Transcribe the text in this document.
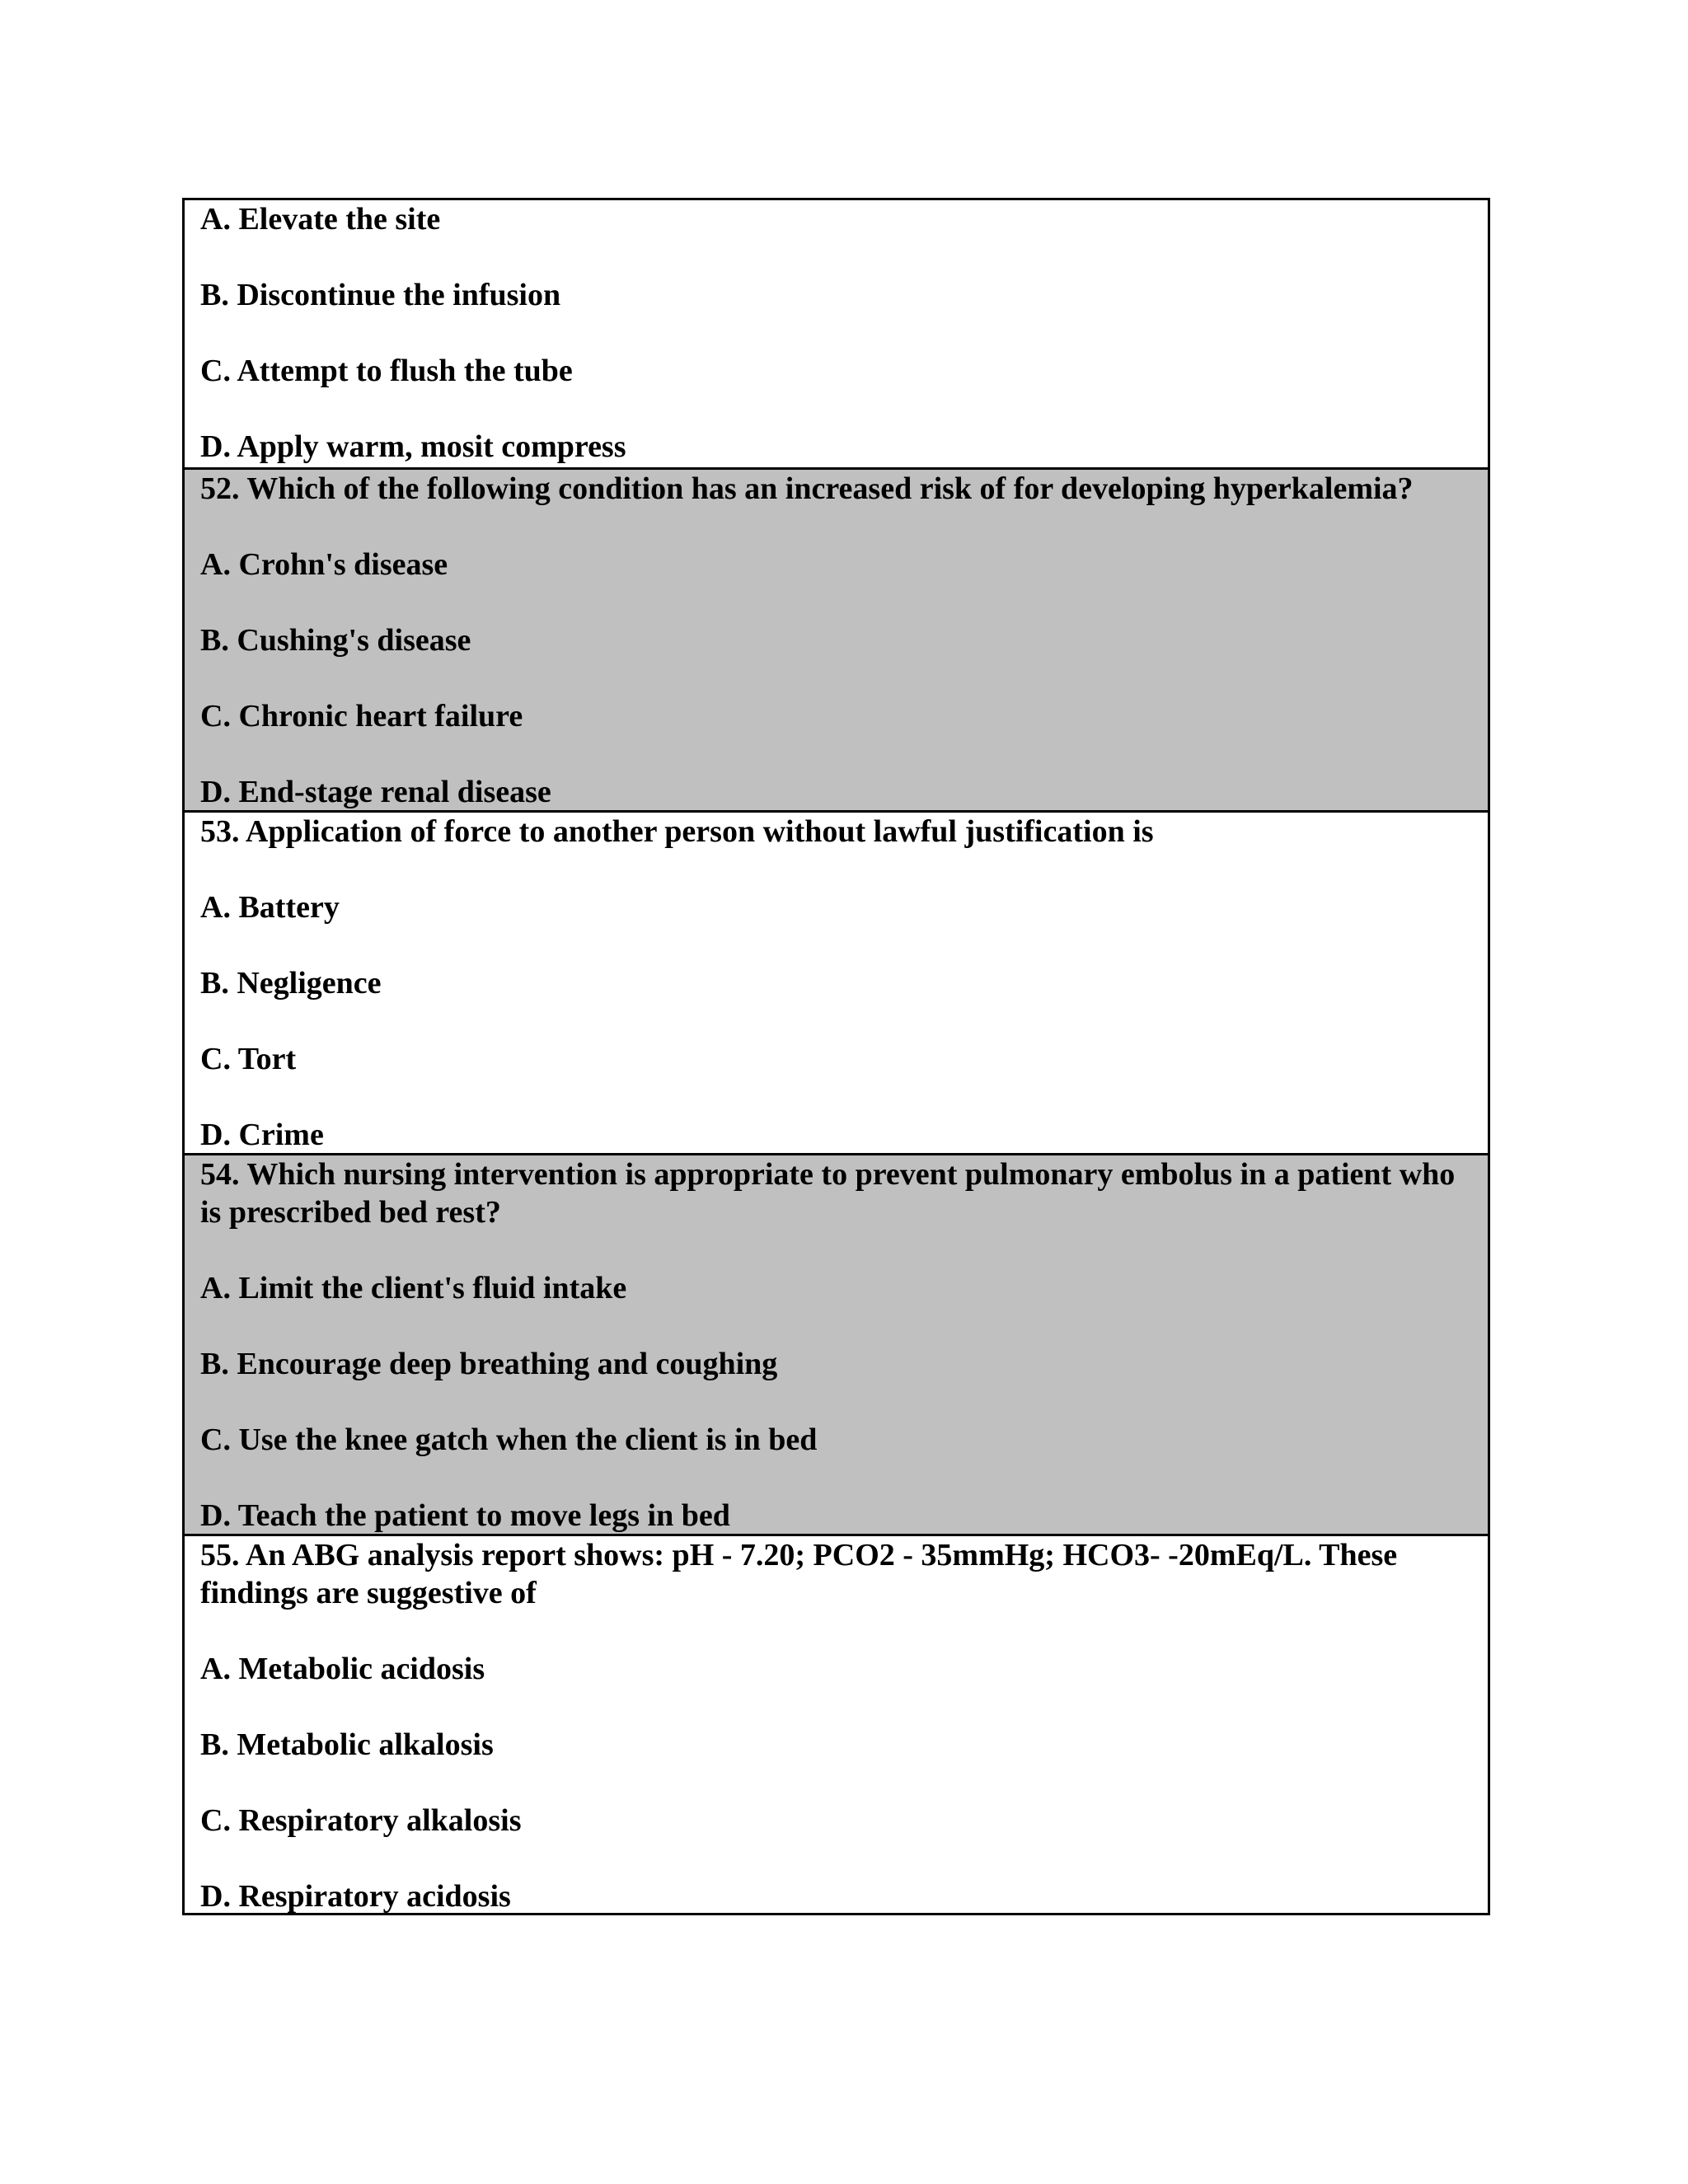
A. Elevate the site
B. Discontinue the infusion
C. Attempt to flush the tube
D. Apply warm, mosit compress
52. Which of the following condition has an increased risk of for developing hyperkalemia?
A. Crohn's disease
B. Cushing's disease
C. Chronic heart failure
D. End-stage renal disease
53. Application of force to another person without lawful justification is
A. Battery
B. Negligence
C. Tort
D. Crime
54. Which nursing intervention is appropriate to prevent pulmonary embolus in a patient who is prescribed bed rest?
A. Limit the client's fluid intake
B. Encourage deep breathing and coughing
C. Use the knee gatch when the client is in bed
D. Teach the patient to move legs in bed
55. An ABG analysis report shows: pH - 7.20; PCO2 - 35mmHg; HCO3- -20mEq/L. These findings are suggestive of
A. Metabolic acidosis
B. Metabolic alkalosis
C. Respiratory alkalosis
D. Respiratory acidosis
